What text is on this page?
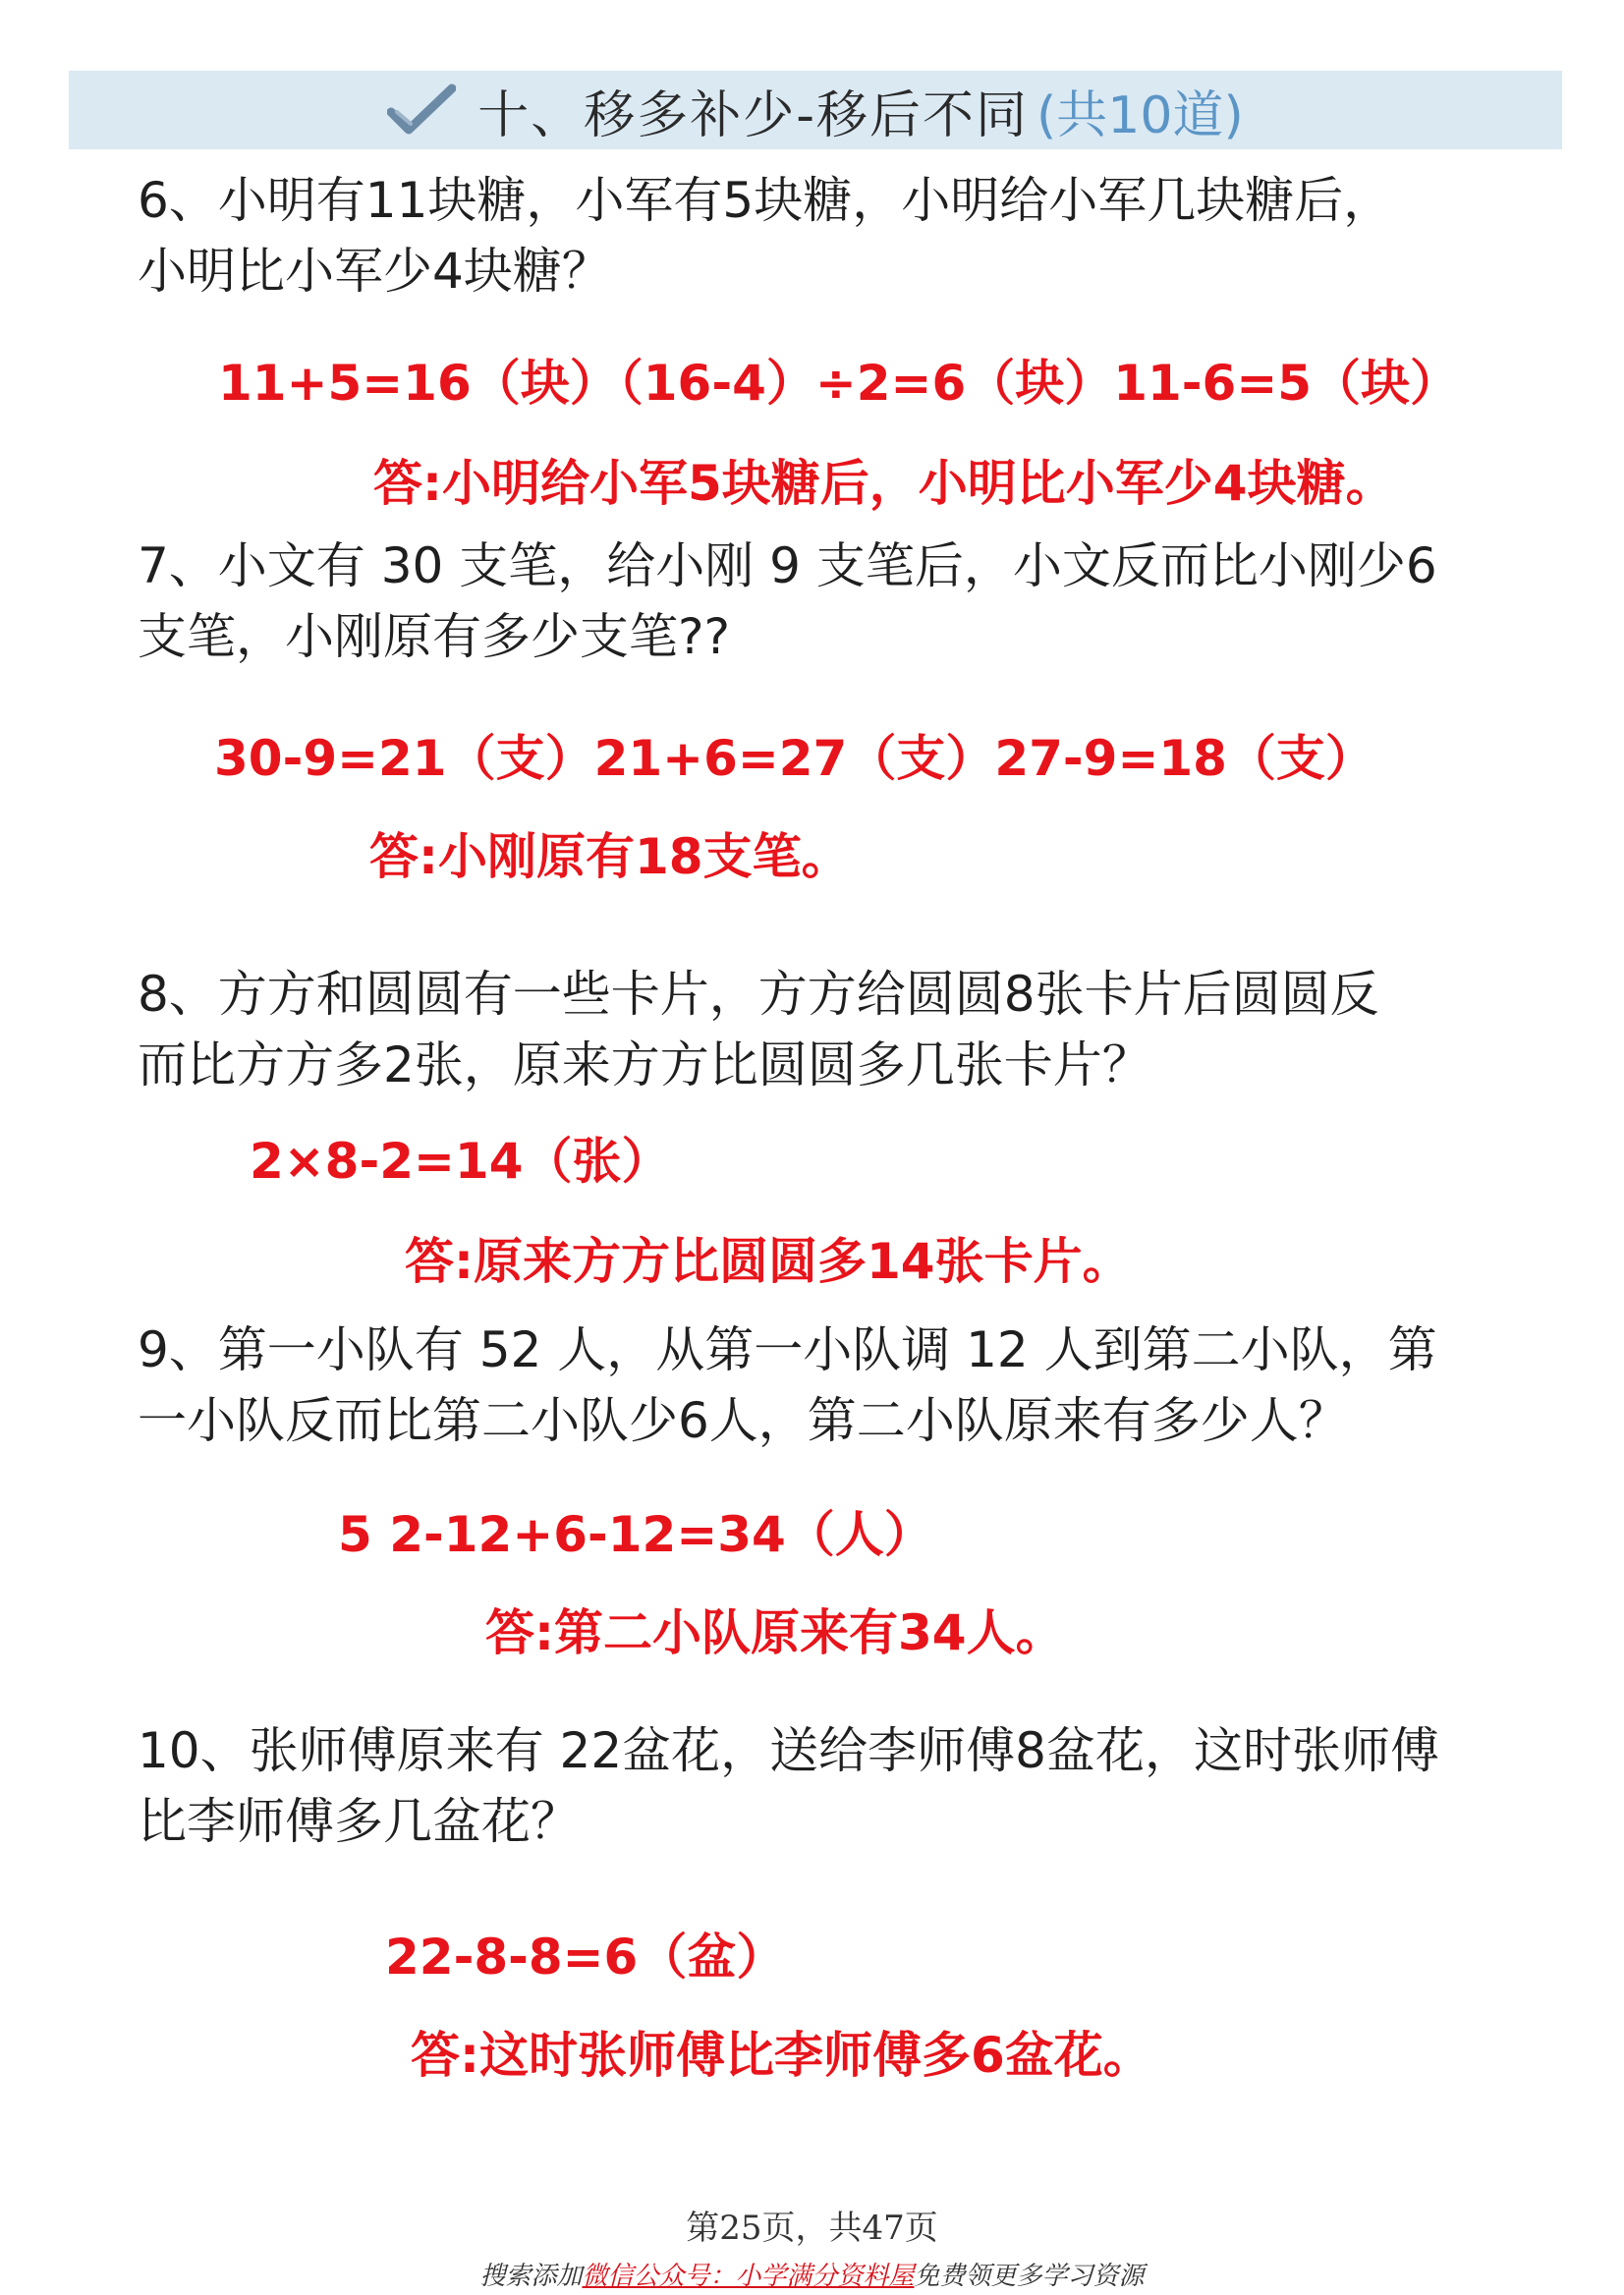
十、移多补少-移后不同 (共10道)
6、小明有11块糖，小军有5块糖，小明给小军几块糖后，
小明比小军少4块糖？
11+5=16（块）（16-4）÷2=6（块）11-6=5（块）
答:小明给小军5块糖后，小明比小军少4块糖。
7、小文有 30 支笔，给小刚 9 支笔后，小文反而比小刚少6
支笔，小刚原有多少支笔??
30-9=21（支）21+6=27（支）27-9=18（支）
答:小刚原有18支笔。
8、方方和圆圆有一些卡片，方方给圆圆8张卡片后圆圆反
而比方方多2张，原来方方比圆圆多几张卡片？
2×8-2=14（张）
答:原来方方比圆圆多14张卡片。
9、第一小队有 52 人，从第一小队调 12 人到第二小队，第
一小队反而比第二小队少6人，第二小队原来有多少人？
5 2-12+6-12=34（人）
答:第二小队原来有34人。
10、张师傅原来有 22盆花，送给李师傅8盆花，这时张师傅
比李师傅多几盆花？
22-8-8=6（盆）
答:这时张师傅比李师傅多6盆花。
第25页，共47页
搜索添加微信公众号：小学满分资料屋免费领更多学习资源
